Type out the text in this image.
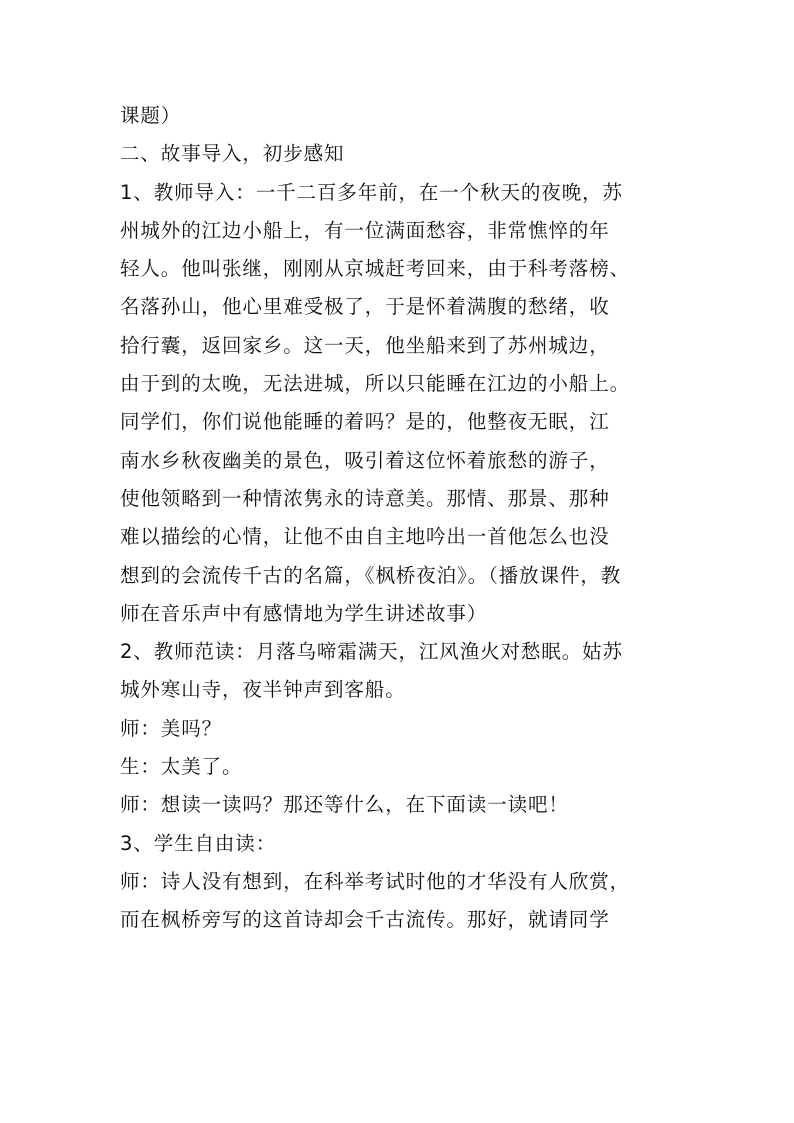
课题）
二、故事导入，初步感知
1、教师导入：一千二百多年前，在一个秋天的夜晚，苏
州城外的江边小船上，有一位满面愁容，非常憔悴的年
轻人。他叫张继，刚刚从京城赶考回来，由于科考落榜、
名落孙山，他心里难受极了，于是怀着满腹的愁绪，收
拾行囊，返回家乡。这一天，他坐船来到了苏州城边，
由于到的太晚，无法进城，所以只能睡在江边的小船上。
同学们，你们说他能睡的着吗？是的，他整夜无眠，江
南水乡秋夜幽美的景色，吸引着这位怀着旅愁的游子，
使他领略到一种情浓隽永的诗意美。那情、那景、那种
难以描绘的心情，让他不由自主地吟出一首他怎么也没
想到的会流传千古的名篇，《枫桥夜泊》。（播放课件，教
师在音乐声中有感情地为学生讲述故事）
2、教师范读：月落乌啼霜满天，江风渔火对愁眠。姑苏
城外寒山寺，夜半钟声到客船。
师：美吗？
生：太美了。
师：想读一读吗？那还等什么，在下面读一读吧！
3、学生自由读：
师：诗人没有想到，在科举考试时他的才华没有人欣赏，
而在枫桥旁写的这首诗却会千古流传。那好，就请同学
